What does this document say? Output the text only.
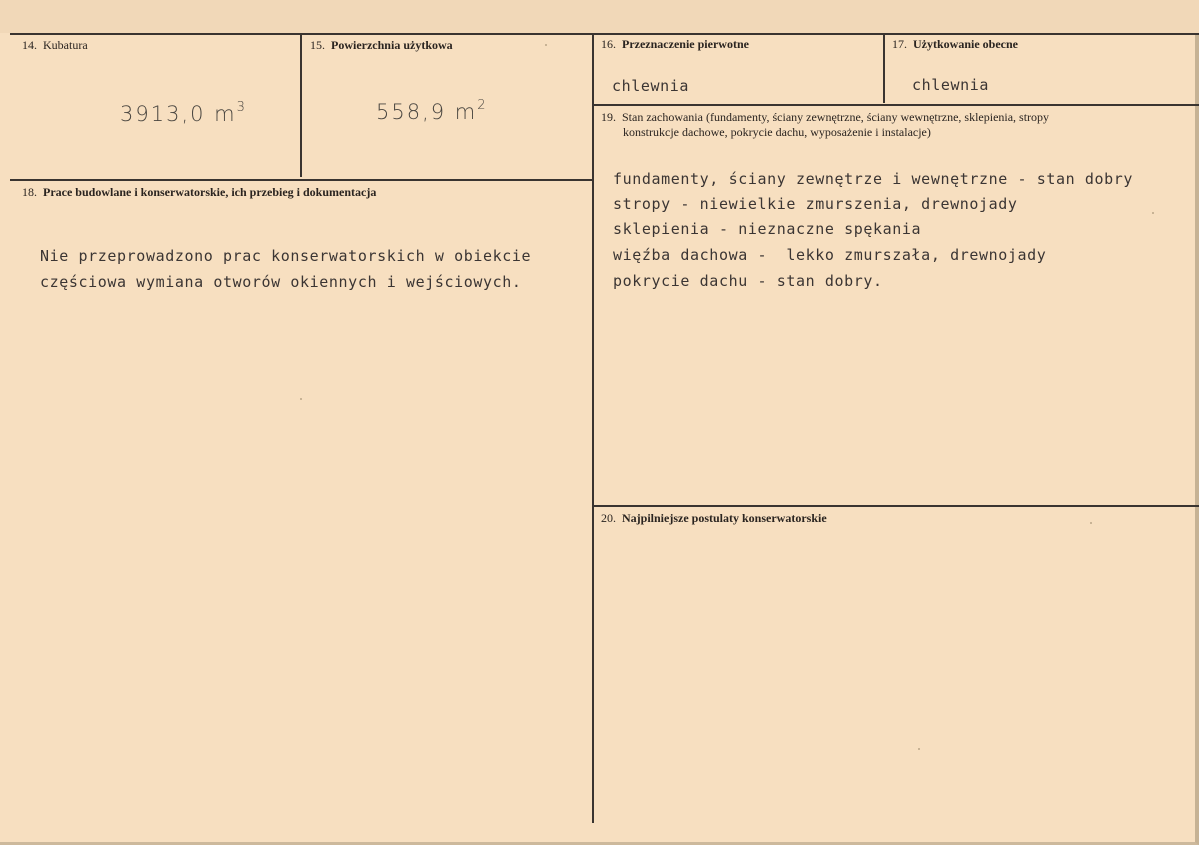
14. Kubatura
3913,0 $m^3$
15. Powierzchnia użytkowa
558,9 $m^2$
16. Przeznaczenie pierwotne
chlewnia
17. Użytkowanie obecne
chlewnia
18. Prace budowlane i konserwatorskie, ich przebieg i dokumentacja
Nie przeprowadzono prac konserwatorskich w obiekcie
częściowa wymiana otworów okiennych i wejściowych.
19. Stan zachowania (fundamenty, ściany zewnętrzne, ściany wewnętrzne, sklepienia, stropy
konstrukcje dachowe, pokrycie dachu, wyposażenie i instalacje)
fundamenty, ściany zewnętrze i wewnętrzne - stan dobry
stropy - niewielkie zmurszenia, drewnojady
sklepienia - nieznaczne spękania
więźba dachowa -  lekko zmurszała, drewnojady
pokrycie dachu - stan dobry.
20. Najpilniejsze postulaty konserwatorskie
